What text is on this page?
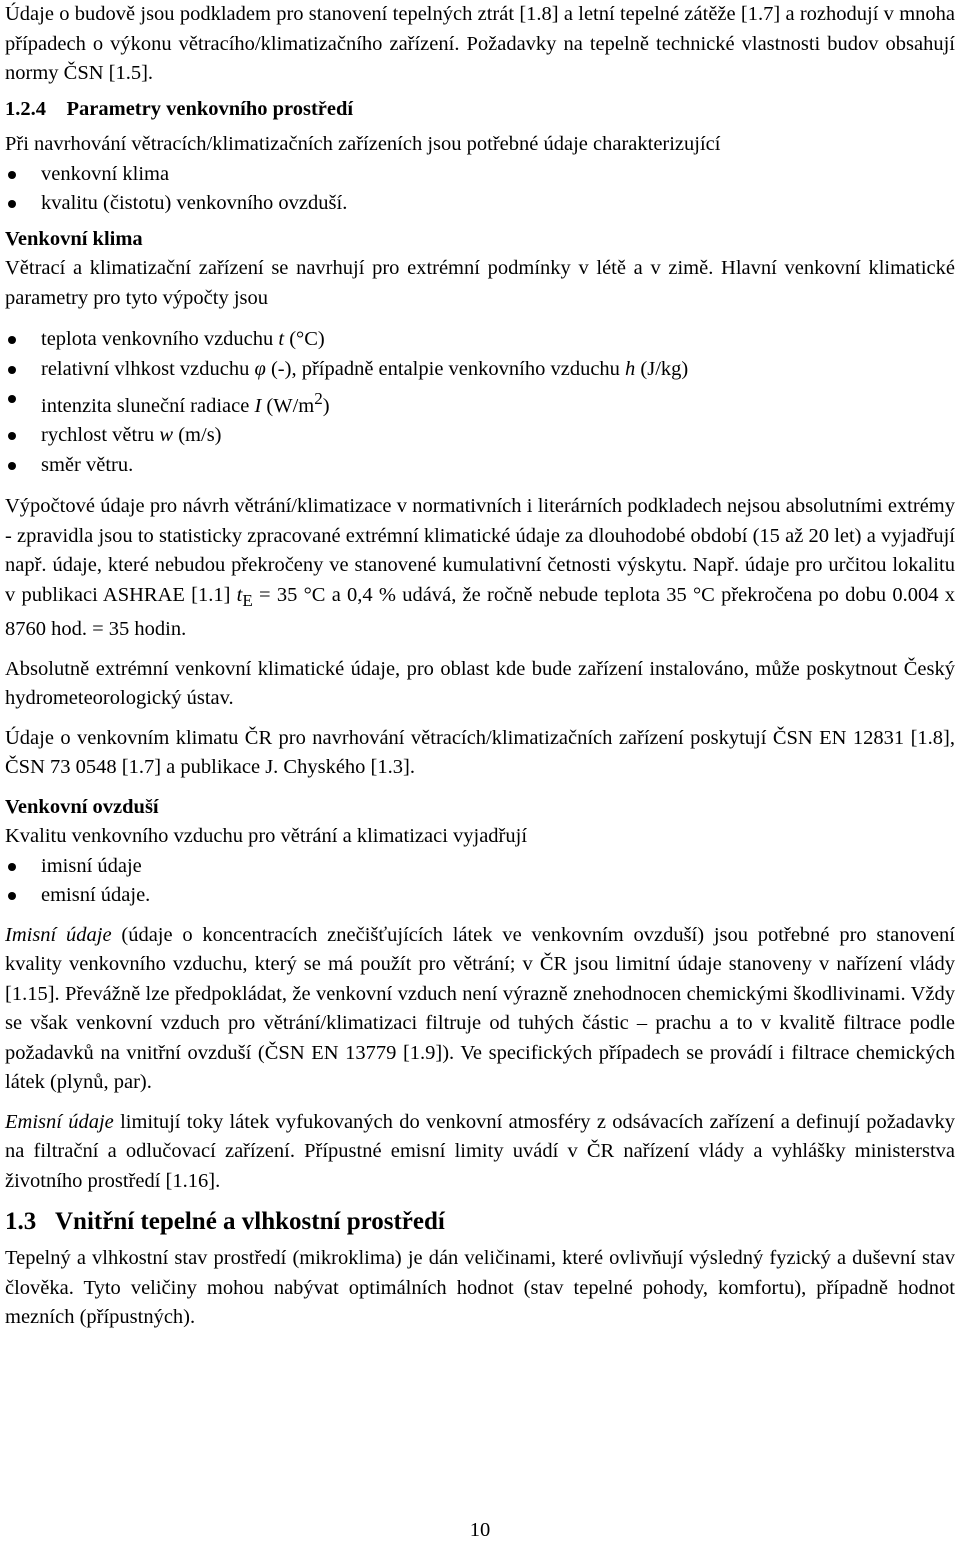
Údaje o budově jsou podkladem pro stanovení tepelných ztrát [1.8] a letní tepelné zátěže [1.7] a rozhodují v mnoha případech o výkonu větracího/klimatizačního zařízení. Požadavky na tepelně technické vlastnosti budov obsahují normy ČSN [1.5].

1.2.4 Parametry venkovního prostředí

Při navrhování větracích/klimatizačních zařízeních jsou potřebné údaje charakterizující

venkovní klima
kvalitu (čistotu) venkovního ovzduší.

Venkovní klima

Větrací a klimatizační zařízení se navrhují pro extrémní podmínky v létě a v zimě. Hlavní venkovní klimatické parametry pro tyto výpočty jsou

teplota venkovního vzduchu t (°C)
relativní vlhkost vzduchu φ (-), případně entalpie venkovního vzduchu h (J/kg)
intenzita sluneční radiace I $(W/m^2)$
rychlost větru w (m/s)
směr větru.

Výpočtové údaje pro návrh větrání/klimatizace v normativních i literárních podkladech nejsou absolutními extrémy - zpravidla jsou to statisticky zpracované extrémní klimatické údaje za dlouhodobé období (15 až 20 let) a vyjadřují např. údaje, které nebudou překročeny ve stanovené kumulativní četnosti výskytu. Např. údaje pro určitou lokalitu v publikaci ASHRAE [1.1] $t_E = 35$ °C a 0,4 % udává, že ročně nebude teplota 35 °C překročena po dobu 0.004 x 8760 hod. = 35 hodin.

Absolutně extrémní venkovní klimatické údaje, pro oblast kde bude zařízení instalováno, může poskytnout Český hydrometeorologický ústav.

Údaje o venkovním klimatu ČR pro navrhování větracích/klimatizačních zařízení poskytují ČSN EN 12831 [1.8], ČSN 73 0548 [1.7] a publikace J. Chyského [1.3].

Venkovní ovzduší

Kvalitu venkovního vzduchu pro větrání a klimatizaci vyjadřují

imisní údaje
emisní údaje.

Imisní údaje (údaje o koncentracích znečišťujících látek ve venkovním ovzduší) jsou potřebné pro stanovení kvality venkovního vzduchu, který se má použít pro větrání; v ČR jsou limitní údaje stanoveny v nařízení vlády [1.15]. Převážně lze předpokládat, že venkovní vzduch není výrazně znehodnocen chemickými škodlivinami. Vždy se však venkovní vzduch pro větrání/klimatizaci filtruje od tuhých částic – prachu a to v kvalitě filtrace podle požadavků na vnitřní ovzduší (ČSN EN 13779 [1.9]). Ve specifických případech se provádí i filtrace chemických látek (plynů, par).

Emisní údaje limitují toky látek vyfukovaných do venkovní atmosféry z odsávacích zařízení a definují požadavky na filtrační a odlučovací zařízení. Přípustné emisní limity uvádí v ČR nařízení vlády a vyhlášky ministerstva životního prostředí [1.16].

1.3 Vnitřní tepelné a vlhkostní prostředí

Tepelný a vlhkostní stav prostředí (mikroklima) je dán veličinami, které ovlivňují výsledný fyzický a duševní stav člověka. Tyto veličiny mohou nabývat optimálních hodnot (stav tepelné pohody, komfortu), případně hodnot mezních (přípustných).

10
